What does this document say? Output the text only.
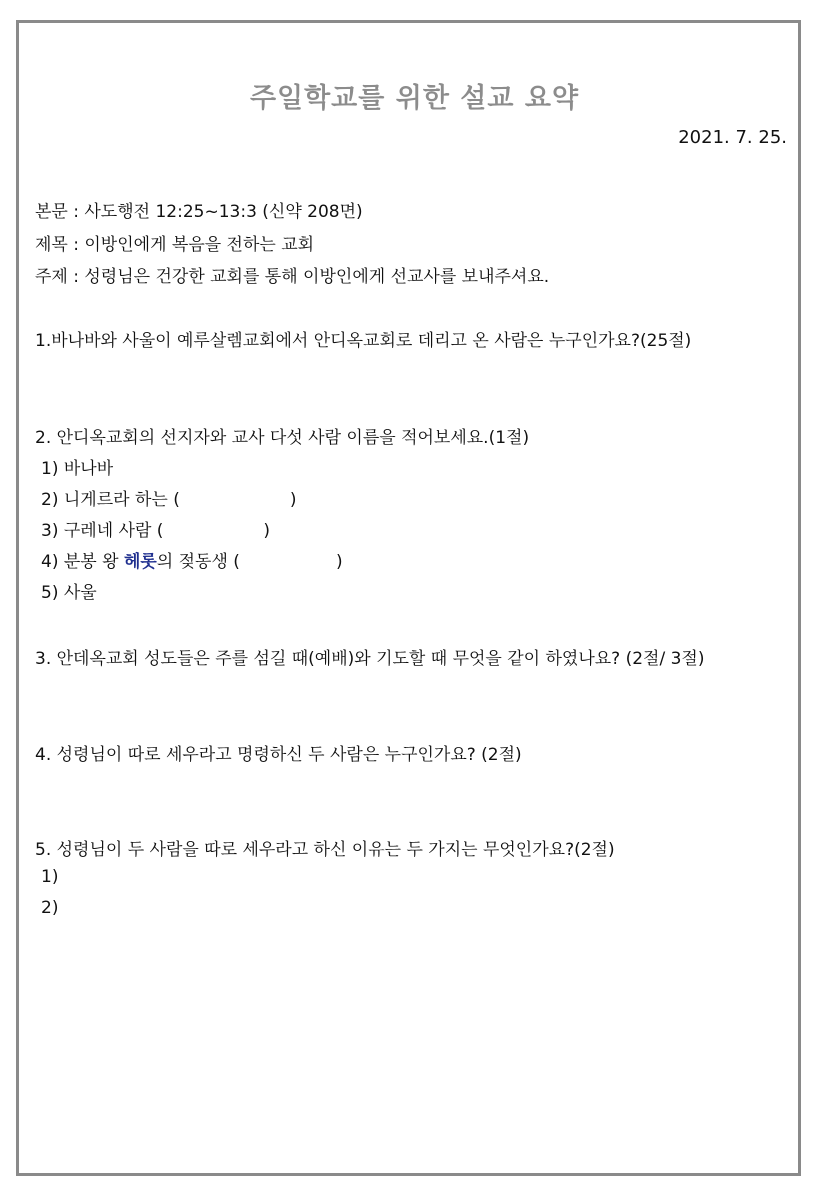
주일학교를 위한 설교 요약
2021. 7. 25.
본문 : 사도행전 12:25~13:3 (신약 208면)
제목 : 이방인에게 복음을 전하는 교회
주제 : 성령님은 건강한 교회를 통해 이방인에게 선교사를 보내주셔요.
1.바나바와 사울이 예루살렘교회에서 안디옥교회로 데리고 온 사람은 누구인가요?(25절)
2. 안디옥교회의 선지자와 교사 다섯 사람 이름을 적어보세요.(1절)
1) 바나바
2) 니게르라 하는 (	)
3) 구레네 사람 (	)
4) 분봉 왕 헤롯의 젖동생 (	)
5) 사울
3. 안데옥교회 성도들은 주를 섬길 때(예배)와 기도할 때 무엇을 같이 하였나요? (2절/ 3절)
4. 성령님이 따로 세우라고 명령하신 두 사람은 누구인가요? (2절)
5. 성령님이 두 사람을 따로 세우라고 하신 이유는 두 가지는 무엇인가요?(2절)
1)
2)
